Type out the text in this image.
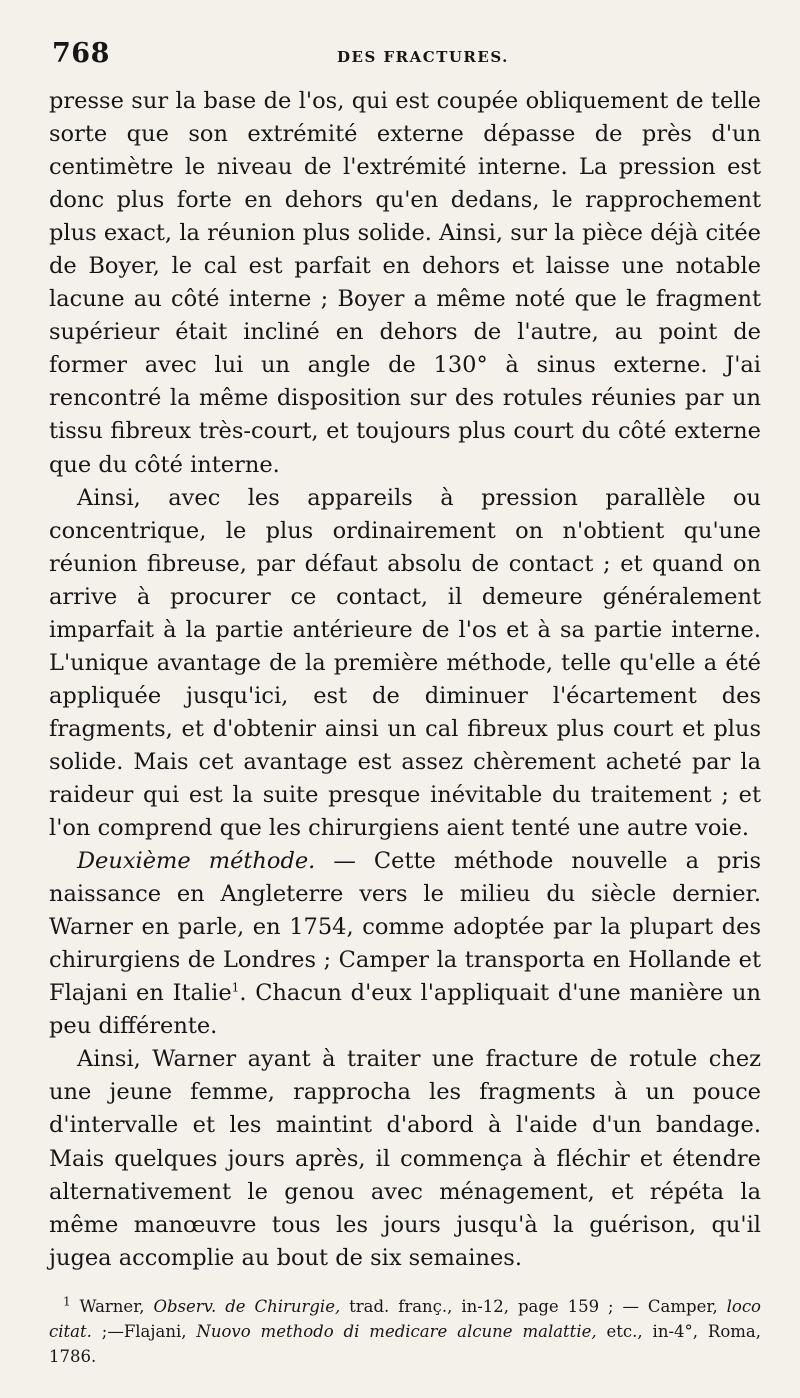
768	DES FRACTURES.

presse sur la base de l'os, qui est coupée obliquement de telle sorte que son extrémité externe dépasse de près d'un centimètre le niveau de l'extrémité interne. La pression est donc plus forte en dehors qu'en dedans, le rapprochement plus exact, la réunion plus solide. Ainsi, sur la pièce déjà citée de Boyer, le cal est parfait en dehors et laisse une notable lacune au côté interne ; Boyer a même noté que le fragment supérieur était incliné en dehors de l'autre, au point de former avec lui un angle de 130° à sinus externe. J'ai rencontré la même disposition sur des rotules réunies par un tissu fibreux très-court, et toujours plus court du côté externe que du côté interne.

Ainsi, avec les appareils à pression parallèle ou concentrique, le plus ordinairement on n'obtient qu'une réunion fibreuse, par défaut absolu de contact ; et quand on arrive à procurer ce contact, il demeure généralement imparfait à la partie antérieure de l'os et à sa partie interne. L'unique avantage de la première méthode, telle qu'elle a été appliquée jusqu'ici, est de diminuer l'écartement des fragments, et d'obtenir ainsi un cal fibreux plus court et plus solide. Mais cet avantage est assez chèrement acheté par la raideur qui est la suite presque inévitable du traitement ; et l'on comprend que les chirurgiens aient tenté une autre voie.

Deuxième méthode. — Cette méthode nouvelle a pris naissance en Angleterre vers le milieu du siècle dernier. Warner en parle, en 1754, comme adoptée par la plupart des chirurgiens de Londres ; Camper la transporta en Hollande et Flajani en Italie$^1$. Chacun d'eux l'appliquait d'une manière un peu différente.

Ainsi, Warner ayant à traiter une fracture de rotule chez une jeune femme, rapprocha les fragments à un pouce d'intervalle et les maintint d'abord à l'aide d'un bandage. Mais quelques jours après, il commença à fléchir et étendre alternativement le genou avec ménagement, et répéta la même manœuvre tous les jours jusqu'à la guérison, qu'il jugea accomplie au bout de six semaines.

$^1$ Warner, Observ. de Chirurgie, trad. franç., in-12, page 159 ; — Camper, loco citat. ;—Flajani, Nuovo methodo di medicare alcune malattie, etc., in-4°, Roma, 1786.
